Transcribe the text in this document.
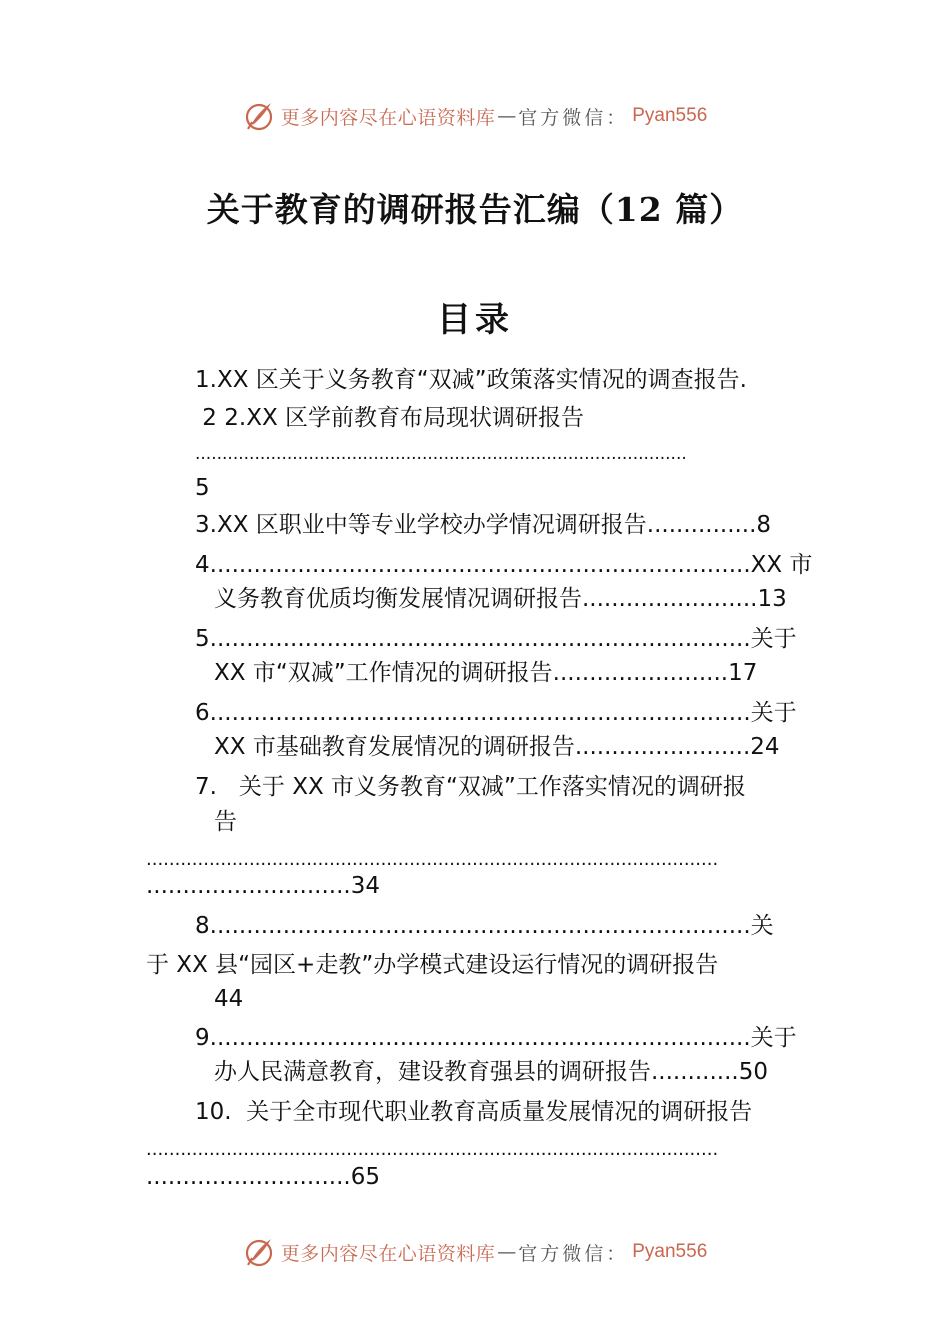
更多内容尽在心语资料库 — 官方微信： Pyan556
关于教育的调研报告汇编（12 篇）
目录
1.XX 区关于义务教育“双减”政策落实情况的调查报告.
2 2.XX 区学前教育布局现状调研报告
...........................................................................................
5
3.XX 区职业中等专业学校办学情况调研报告...............8
4..........................................................................XX 市
义务教育优质均衡发展情况调研报告........................13
5..........................................................................关于
XX 市“双减”工作情况的调研报告........................17
6..........................................................................关于
XX 市基础教育发展情况的调研报告........................24
7.   关于 XX 市义务教育“双减”工作落实情况的调研报
告
....................................................................................................
............................34
8..........................................................................关
于 XX 县“园区+走教”办学模式建设运行情况的调研报告
44
9..........................................................................关于
办人民满意教育，建设教育强县的调研报告............50
10.  关于全市现代职业教育高质量发展情况的调研报告
....................................................................................................
............................65
更多内容尽在心语资料库 — 官方微信： Pyan556
